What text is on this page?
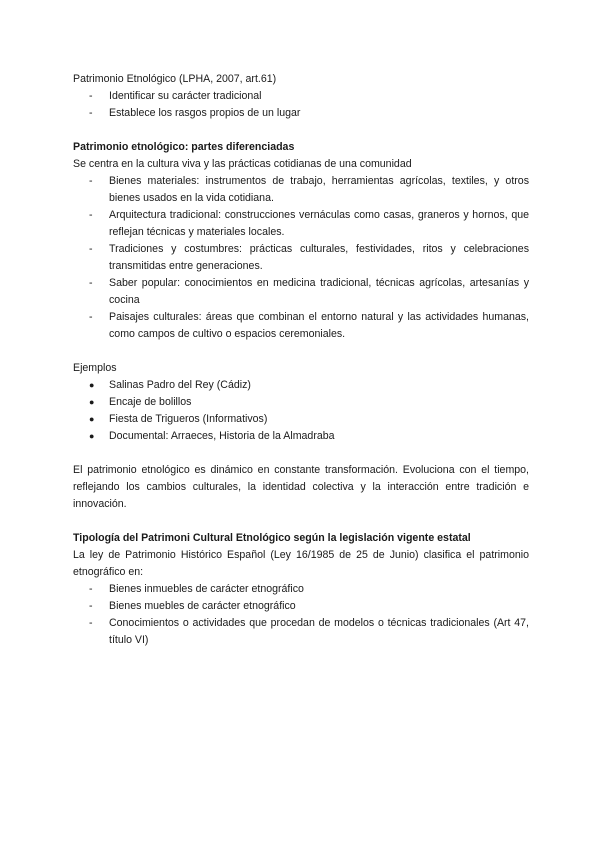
Patrimonio Etnológico (LPHA, 2007, art.61)

- Identificar su carácter tradicional
- Establece los rasgos propios de un lugar

Patrimonio etnológico: partes diferenciadas

Se centra en la cultura viva y las prácticas cotidianas de una comunidad

- Bienes materiales: instrumentos de trabajo, herramientas agrícolas, textiles, y otros bienes usados en la vida cotidiana.
- Arquitectura tradicional: construcciones vernáculas como casas, graneros y hornos, que reflejan técnicas y materiales locales.
- Tradiciones y costumbres: prácticas culturales, festividades, ritos y celebraciones transmitidas entre generaciones.
- Saber popular: conocimientos en medicina tradicional, técnicas agrícolas, artesanías y cocina
- Paisajes culturales: áreas que combinan el entorno natural y las actividades humanas, como campos de cultivo o espacios ceremoniales.

Ejemplos

● Salinas Padro del Rey (Cádiz)
● Encaje de bolillos
● Fiesta de Trigueros (Informativos)
● Documental: Arraeces, Historia de la Almadraba

El patrimonio etnológico es dinámico en constante transformación. Evoluciona con el tiempo, reflejando los cambios culturales, la identidad colectiva y la interacción entre tradición e innovación.

Tipología del Patrimoni Cultural Etnológico según la legislación vigente estatal

La ley de Patrimonio Histórico Español (Ley 16/1985 de 25 de Junio) clasifica el patrimonio etnográfico en:

- Bienes inmuebles de carácter etnográfico
- Bienes muebles de carácter etnográfico
- Conocimientos o actividades que procedan de modelos o técnicas tradicionales (Art 47, título VI)
